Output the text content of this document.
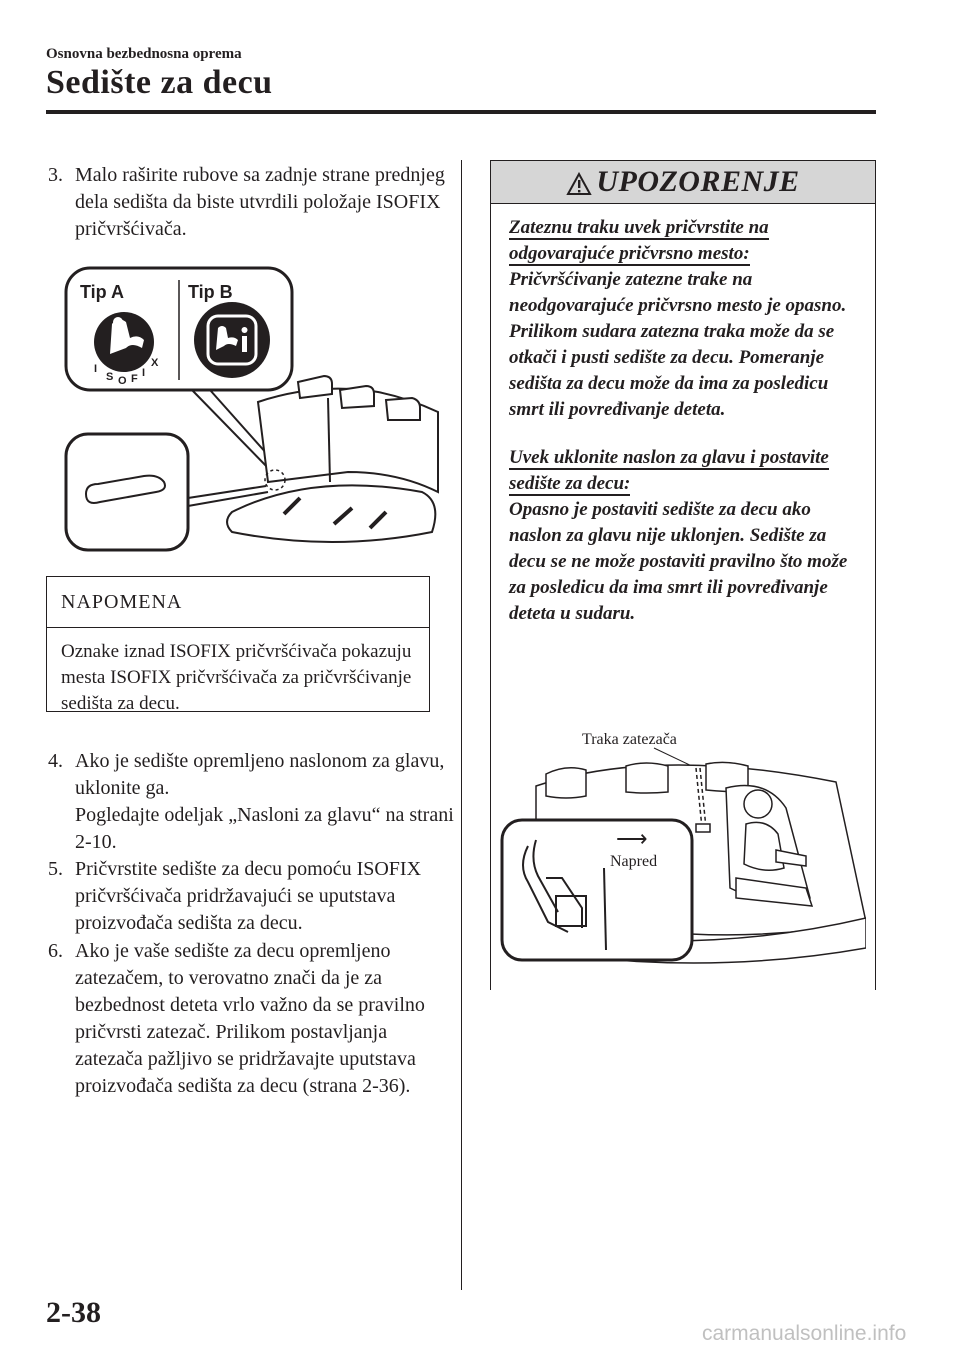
Osnovna bezbednosna oprema
Sedište za decu
3. Malo raširite rubove sa zadnje strane prednjeg dela sedišta da biste utvrdili položaje ISOFIX pričvršćivača.
Tip A	Tip B
I
S O F I
X
NAPOMENA
Oznake iznad ISOFIX pričvršćivača pokazuju mesta ISOFIX pričvršćivača za pričvršćivanje sedišta za decu.
4. Ako je sedište opremljeno naslonom za glavu, uklonite ga.
Pogledajte odeljak „Nasloni za glavu“ na strani 2-10.
5. Pričvrstite sedište za decu pomoću ISOFIX pričvršćivača pridržavajući se uputstava proizvođača sedišta za decu.
6. Ako je vaše sedište za decu opremljeno zatezačem, to verovatno znači da je za bezbednost deteta vrlo važno da se pravilno pričvrsti zatezač. Prilikom postavljanja zatezača pažljivo se pridržavajte uputstava proizvođača sedišta za decu (strana 2-36).
UPOZORENJE

Zateznu traku uvek pričvrstite na odgovarajuće pričvrsno mesto:

Pričvršćivanje zatezne trake na neodgovarajuće pričvrsno mesto je opasno. Prilikom sudara zatezna traka može da se otkači i pusti sedište za decu. Pomeranje sedišta za decu može da ima za posledicu smrt ili povređivanje deteta.

Uvek uklonite naslon za glavu i postavite sedište za decu:

Opasno je postaviti sedište za decu ako naslon za glavu nije uklonjen. Sedište za decu se ne može postaviti pravilno što može za posledicu da ima smrt ili povređivanje deteta u sudaru.

Traka zatezača
⟶
Napred
2-38
carmanualsonline.info
